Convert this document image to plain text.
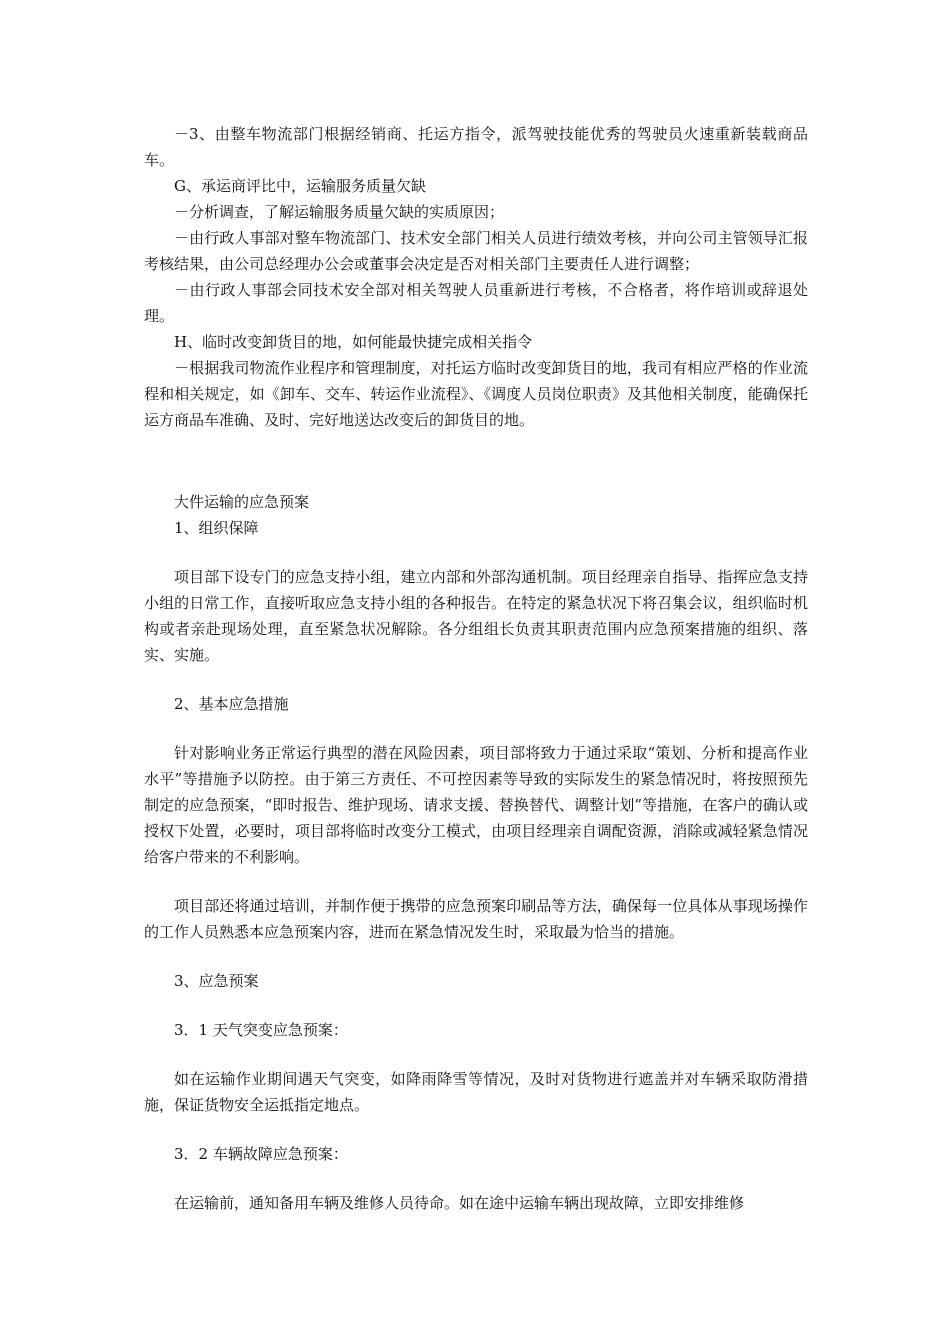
－3、由整车物流部门根据经销商、托运方指令，派驾驶技能优秀的驾驶员火速重新装载商品车。

G、承运商评比中，运输服务质量欠缺

－分析调查，了解运输服务质量欠缺的实质原因；

－由行政人事部对整车物流部门、技术安全部门相关人员进行绩效考核，并向公司主管领导汇报考核结果，由公司总经理办公会或董事会决定是否对相关部门主要责任人进行调整；

－由行政人事部会同技术安全部对相关驾驶人员重新进行考核，不合格者，将作培训或辞退处理。

H、临时改变卸货目的地，如何能最快捷完成相关指令

－根据我司物流作业程序和管理制度，对托运方临时改变卸货目的地，我司有相应严格的作业流程和相关规定，如《卸车、交车、转运作业流程》、《调度人员岗位职责》及其他相关制度，能确保托运方商品车准确、及时、完好地送达改变后的卸货目的地。

大件运输的应急预案

1、组织保障

项目部下设专门的应急支持小组，建立内部和外部沟通机制。项目经理亲自指导、指挥应急支持小组的日常工作，直接听取应急支持小组的各种报告。在特定的紧急状况下将召集会议，组织临时机构或者亲赴现场处理，直至紧急状况解除。各分组组长负责其职责范围内应急预案措施的组织、落实、实施。

2、基本应急措施

针对影响业务正常运行典型的潜在风险因素，项目部将致力于通过采取“策划、分析和提高作业水平”等措施予以防控。由于第三方责任、不可控因素等导致的实际发生的紧急情况时，将按照预先制定的应急预案，“即时报告、维护现场、请求支援、替换替代、调整计划”等措施，在客户的确认或授权下处置，必要时，项目部将临时改变分工模式，由项目经理亲自调配资源，消除或减轻紧急情况给客户带来的不利影响。

项目部还将通过培训，并制作便于携带的应急预案印刷品等方法，确保每一位具体从事现场操作的工作人员熟悉本应急预案内容，进而在紧急情况发生时，采取最为恰当的措施。

3、应急预案

3．1 天气突变应急预案：

如在运输作业期间遇天气突变，如降雨降雪等情况，及时对货物进行遮盖并对车辆采取防滑措施，保证货物安全运抵指定地点。

3．2 车辆故障应急预案：

在运输前，通知备用车辆及维修人员待命。如在途中运输车辆出现故障，立即安排维修
